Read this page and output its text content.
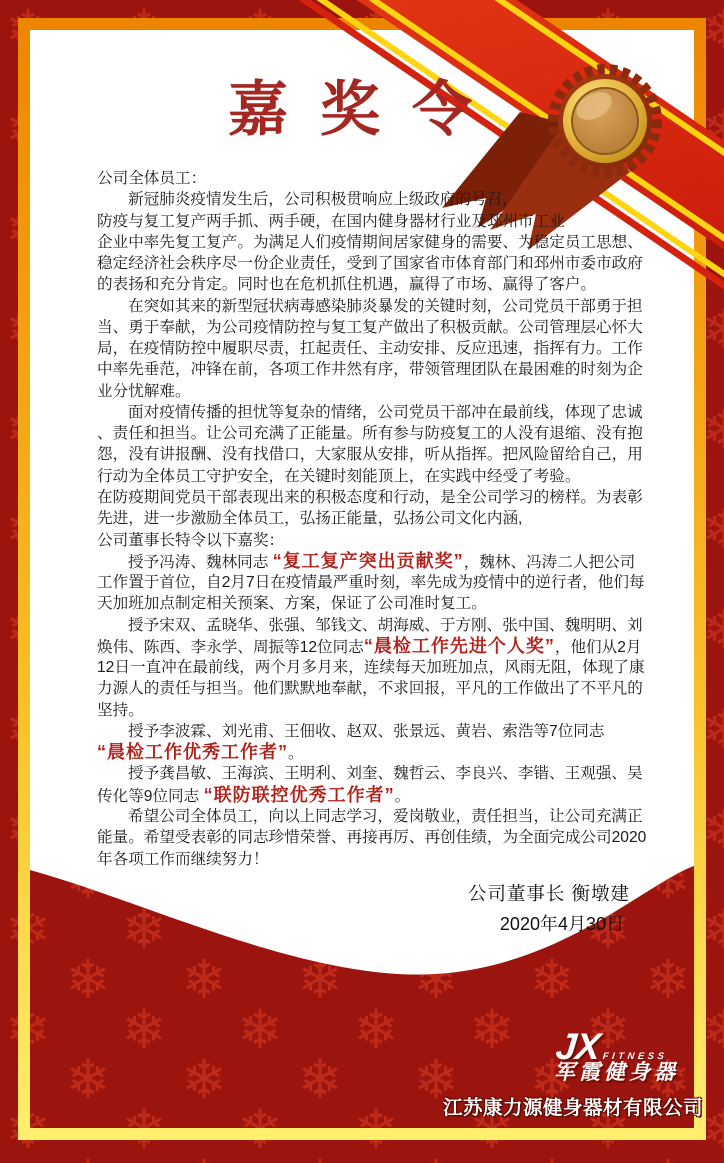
嘉奖令
公司全体员工：
新冠肺炎疫情发生后，公司积极贯响应上级政府的号召，
防疫与复工复产两手抓、两手硬，在国内健身器材行业及邳州市工业
企业中率先复工复产。为满足人们疫情期间居家健身的需要、为稳定员工思想、
稳定经济社会秩序尽一份企业责任，受到了国家省市体育部门和邳州市委市政府
的表扬和充分肯定。同时也在危机抓住机遇，赢得了市场、赢得了客户。
在突如其来的新型冠状病毒感染肺炎暴发的关键时刻，公司党员干部勇于担
当、勇于奉献，为公司疫情防控与复工复产做出了积极贡献。公司管理层心怀大
局，在疫情防控中履职尽责，扛起责任、主动安排、反应迅速，指挥有力。工作
中率先垂范，冲锋在前，各项工作井然有序，带领管理团队在最困难的时刻为企
业分忧解难。
面对疫情传播的担忧等复杂的情绪，公司党员干部冲在最前线，体现了忠诚
、责任和担当。让公司充满了正能量。所有参与防疫复工的人没有退缩、没有抱
怨，没有讲报酬、没有找借口，大家服从安排，听从指挥。把风险留给自己，用
行动为全体员工守护安全，在关键时刻能顶上，在实践中经受了考验。
在防疫期间党员干部表现出来的积极态度和行动，是全公司学习的榜样。为表彰
先进，进一步激励全体员工，弘扬正能量，弘扬公司文化内涵,
公司董事长特令以下嘉奖：
授予冯涛、魏林同志 “复工复产突出贡献奖”，魏林、冯涛二人把公司
工作置于首位，自2月7日在疫情最严重时刻，率先成为疫情中的逆行者，他们每
天加班加点制定相关预案、方案，保证了公司准时复工。
授予宋双、孟晓华、张强、邹钱文、胡海威、于方刚、张中国、魏明明、刘
焕伟、陈西、李永学、周振等12位同志“晨检工作先进个人奖”，他们从2月
12日一直冲在最前线，两个月多月来，连续每天加班加点，风雨无阻，体现了康
力源人的责任与担当。他们默默地奉献，不求回报，平凡的工作做出了不平凡的
坚持。
授予李波霖、刘光甫、王佃收、赵双、张景远、黄岩、索浩等7位同志
“晨检工作优秀工作者”。
授予龚昌敏、王海滨、王明利、刘奎、魏哲云、李良兴、李锴、王观强、吴
传化等9位同志 “联防联控优秀工作者”。
希望公司全体员工，向以上同志学习，爱岗敬业，责任担当，让公司充满正
能量。希望受表彰的同志珍惜荣誉、再接再厉、再创佳绩，为全面完成公司2020
年各项工作而继续努力！
公司董事长 衡墩建
2020年4月30日
JX FITNESS
军霞健身器
江苏康力源健身器材有限公司
